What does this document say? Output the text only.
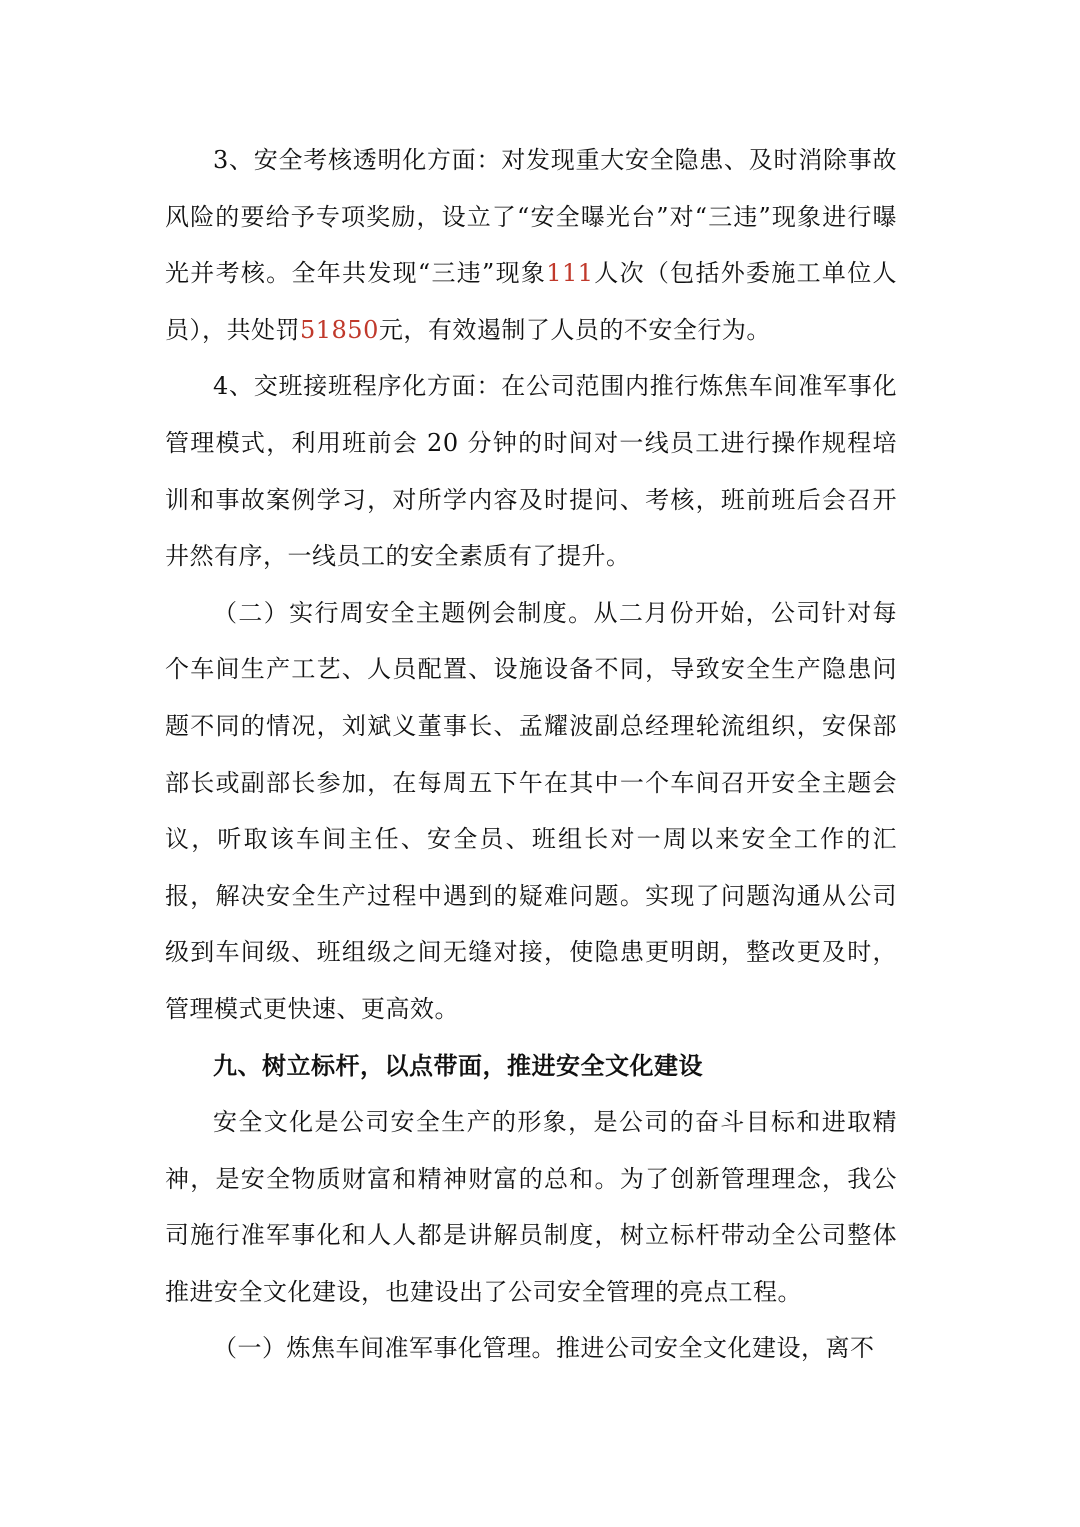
3、安全考核透明化方面：对发现重大安全隐患、及时消除事故风险的要给予专项奖励，设立了“安全曝光台”对“三违”现象进行曝光并考核。全年共发现“三违”现象111人次（包括外委施工单位人员），共处罚51850元，有效遏制了人员的不安全行为。

4、交班接班程序化方面：在公司范围内推行炼焦车间准军事化管理模式，利用班前会 20 分钟的时间对一线员工进行操作规程培训和事故案例学习，对所学内容及时提问、考核，班前班后会召开井然有序，一线员工的安全素质有了提升。

（二）实行周安全主题例会制度。从二月份开始，公司针对每个车间生产工艺、人员配置、设施设备不同，导致安全生产隐患问题不同的情况，刘斌义董事长、孟耀波副总经理轮流组织，安保部部长或副部长参加，在每周五下午在其中一个车间召开安全主题会议，听取该车间主任、安全员、班组长对一周以来安全工作的汇报，解决安全生产过程中遇到的疑难问题。实现了问题沟通从公司级到车间级、班组级之间无缝对接，使隐患更明朗，整改更及时，管理模式更快速、更高效。

九、树立标杆，以点带面，推进安全文化建设

安全文化是公司安全生产的形象，是公司的奋斗目标和进取精神，是安全物质财富和精神财富的总和。为了创新管理理念，我公司施行准军事化和人人都是讲解员制度，树立标杆带动全公司整体推进安全文化建设，也建设出了公司安全管理的亮点工程。

（一）炼焦车间准军事化管理。推进公司安全文化建设，离不
